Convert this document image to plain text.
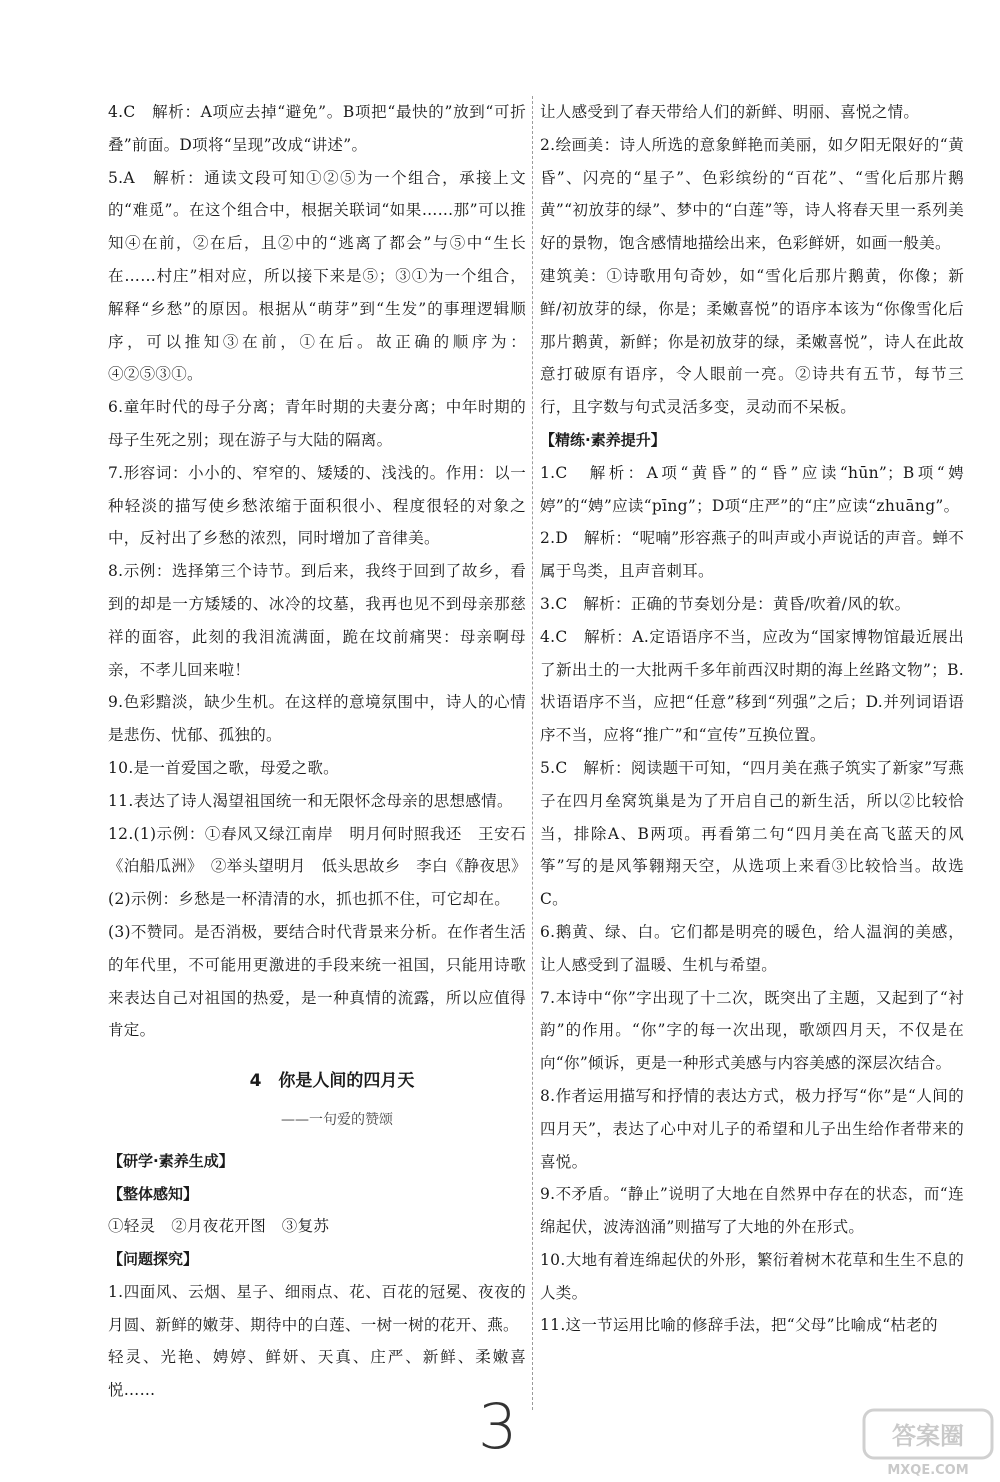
4.C　解析：A项应去掉“避免”。B项把“最快的”放到“可折叠”前面。D项将“呈现”改成“讲述”。

5.A　解析：通读文段可知①②⑤为一个组合，承接上文的“难觅”。在这个组合中，根据关联词“如果……那”可以推知④在前，②在后，且②中的“逃离了都会”与⑤中“生长在……村庄”相对应，所以接下来是⑤；③①为一个组合，解释“乡愁”的原因。根据从“萌芽”到“生发”的事理逻辑顺序，可以推知③在前，①在后。故正确的顺序为：④②⑤③①。

6.童年时代的母子分离；青年时期的夫妻分离；中年时期的母子生死之别；现在游子与大陆的隔离。

7.形容词：小小的、窄窄的、矮矮的、浅浅的。作用：以一种轻淡的描写使乡愁浓缩于面积很小、程度很轻的对象之中，反衬出了乡愁的浓烈，同时增加了音律美。

8.示例：选择第三个诗节。到后来，我终于回到了故乡，看到的却是一方矮矮的、冰冷的坟墓，我再也见不到母亲那慈祥的面容，此刻的我泪流满面，跪在坟前痛哭：母亲啊母亲，不孝儿回来啦！

9.色彩黯淡，缺少生机。在这样的意境氛围中，诗人的心情是悲伤、忧郁、孤独的。

10.是一首爱国之歌，母爱之歌。

11.表达了诗人渴望祖国统一和无限怀念母亲的思想感情。

12.(1)示例：①春风又绿江南岸　明月何时照我还　王安石《泊船瓜洲》　②举头望明月　低头思故乡　李白《静夜思》

(2)示例：乡愁是一杯清清的水，抓也抓不住，可它却在。

(3)不赞同。是否消极，要结合时代背景来分析。在作者生活的年代里，不可能用更激进的手段来统一祖国，只能用诗歌来表达自己对祖国的热爱，是一种真情的流露，所以应值得肯定。

4　你是人间的四月天

——一句爱的赞颂

【研学·素养生成】

【整体感知】

①轻灵　②月夜花开图　③复苏

【问题探究】

1.四面风、云烟、星子、细雨点、花、百花的冠冕、夜夜的月圆、新鲜的嫩芽、期待中的白莲、一树一树的花开、燕。

轻灵、光艳、娉婷、鲜妍、天真、庄严、新鲜、柔嫩喜悦……

让人感受到了春天带给人们的新鲜、明丽、喜悦之情。

2.绘画美：诗人所选的意象鲜艳而美丽，如夕阳无限好的“黄昏”、闪亮的“星子”、色彩缤纷的“百花”、“雪化后那片鹅黄”“初放芽的绿”、梦中的“白莲”等，诗人将春天里一系列美好的景物，饱含感情地描绘出来，色彩鲜妍，如画一般美。

建筑美：①诗歌用句奇妙，如“雪化后那片鹅黄，你像；新鲜/初放芽的绿，你是；柔嫩喜悦”的语序本该为“你像雪化后那片鹅黄，新鲜；你是初放芽的绿，柔嫩喜悦”，诗人在此故意打破原有语序，令人眼前一亮。②诗共有五节，每节三行，且字数与句式灵活多变，灵动而不呆板。

【精练·素养提升】

1.C　解析：A项“黄昏”的“昏”应读“hūn”；B项“娉婷”的“娉”应读“pīng”；D项“庄严”的“庄”应读“zhuāng”。

2.D　解析：“呢喃”形容燕子的叫声或小声说话的声音。蝉不属于鸟类，且声音刺耳。

3.C　解析：正确的节奏划分是：黄昏/吹着/风的软。

4.C　解析：A.定语语序不当，应改为“国家博物馆最近展出了新出土的一大批两千多年前西汉时期的海上丝路文物”；B.状语语序不当，应把“任意”移到“列强”之后；D.并列词语语序不当，应将“推广”和“宣传”互换位置。

5.C　解析：阅读题干可知，“四月美在燕子筑实了新家”写燕子在四月垒窝筑巢是为了开启自己的新生活，所以②比较恰当，排除A、B两项。再看第二句“四月美在高飞蓝天的风筝”写的是风筝翱翔天空，从选项上来看③比较恰当。故选C。

6.鹅黄、绿、白。它们都是明亮的暖色，给人温润的美感，让人感受到了温暖、生机与希望。

7.本诗中“你”字出现了十二次，既突出了主题，又起到了“衬韵”的作用。“你”字的每一次出现，歌颂四月天，不仅是在向“你”倾诉，更是一种形式美感与内容美感的深层次结合。

8.作者运用描写和抒情的表达方式，极力抒写“你”是“人间的四月天”，表达了心中对儿子的希望和儿子出生给作者带来的喜悦。

9.不矛盾。“静止”说明了大地在自然界中存在的状态，而“连绵起伏，波涛汹涌”则描写了大地的外在形式。

10.大地有着连绵起伏的外形，繁衍着树木花草和生生不息的人类。

11.这一节运用比喻的修辞手法，把“父母”比喻成“枯老的

3	答案圈
MXQE.COM
